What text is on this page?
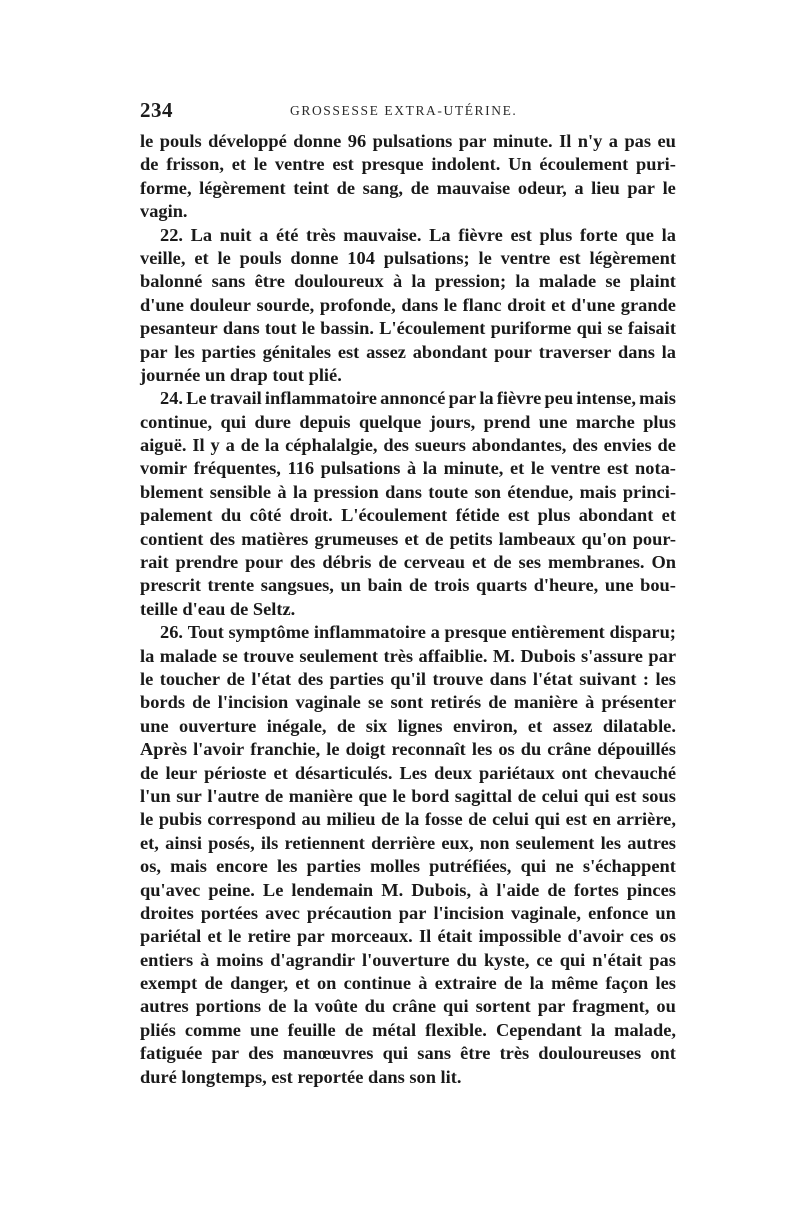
234	GROSSESSE EXTRA-UTÉRINE.
le pouls développé donne 96 pulsations par minute. Il n'y a pas eu
de frisson, et le ventre est presque indolent. Un écoulement puri-
forme, légèrement teint de sang, de mauvaise odeur, a lieu par le
vagin.
22. La nuit a été très mauvaise. La fièvre est plus forte que la
veille, et le pouls donne 104 pulsations; le ventre est légèrement
balonné sans être douloureux à la pression; la malade se plaint
d'une douleur sourde, profonde, dans le flanc droit et d'une grande
pesanteur dans tout le bassin. L'écoulement puriforme qui se faisait
par les parties génitales est assez abondant pour traverser dans la
journée un drap tout plié.
24. Le travail inflammatoire annoncé par la fièvre peu intense, mais
continue, qui dure depuis quelque jours, prend une marche plus
aiguë. Il y a de la céphalalgie, des sueurs abondantes, des envies de
vomir fréquentes, 116 pulsations à la minute, et le ventre est nota-
blement sensible à la pression dans toute son étendue, mais princi-
palement du côté droit. L'écoulement fétide est plus abondant et
contient des matières grumeuses et de petits lambeaux qu'on pour-
rait prendre pour des débris de cerveau et de ses membranes. On
prescrit trente sangsues, un bain de trois quarts d'heure, une bou-
teille d'eau de Seltz.
26. Tout symptôme inflammatoire a presque entièrement disparu;
la malade se trouve seulement très affaiblie. M. Dubois s'assure par
le toucher de l'état des parties qu'il trouve dans l'état suivant : les
bords de l'incision vaginale se sont retirés de manière à présenter
une ouverture inégale, de six lignes environ, et assez dilatable.
Après l'avoir franchie, le doigt reconnaît les os du crâne dépouillés
de leur périoste et désarticulés. Les deux pariétaux ont chevauché
l'un sur l'autre de manière que le bord sagittal de celui qui est sous
le pubis correspond au milieu de la fosse de celui qui est en arrière,
et, ainsi posés, ils retiennent derrière eux, non seulement les autres
os, mais encore les parties molles putréfiées, qui ne s'échappent
qu'avec peine. Le lendemain M. Dubois, à l'aide de fortes pinces
droites portées avec précaution par l'incision vaginale, enfonce un
pariétal et le retire par morceaux. Il était impossible d'avoir ces os
entiers à moins d'agrandir l'ouverture du kyste, ce qui n'était pas
exempt de danger, et on continue à extraire de la même façon les
autres portions de la voûte du crâne qui sortent par fragment, ou
pliés comme une feuille de métal flexible. Cependant la malade,
fatiguée par des manœuvres qui sans être très douloureuses ont
duré longtemps, est reportée dans son lit.
